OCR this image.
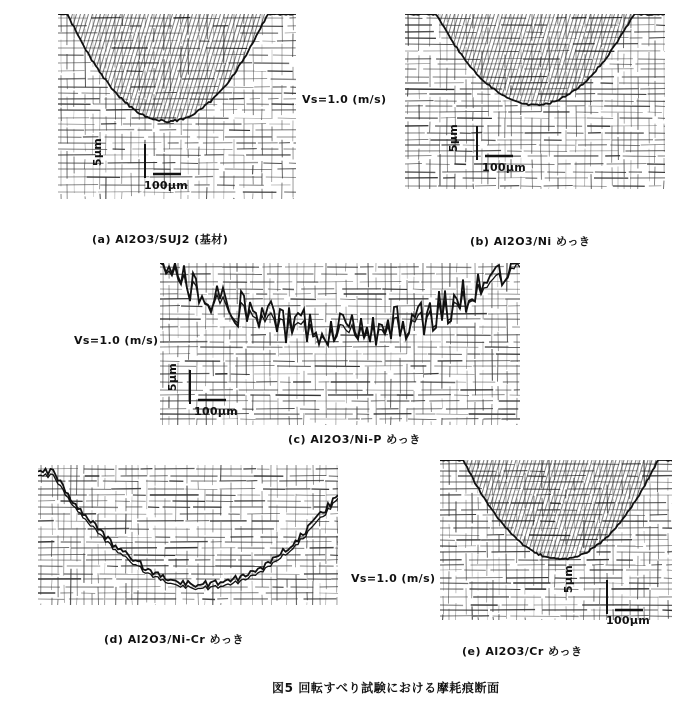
5μm
100μm
(a) Al2O3/SUJ2 (基材)
Vs=1.0 (m/s)
5μm
100μm
(b) Al2O3/Ni めっき
5μm
100μm
Vs=1.0 (m/s)
(c) Al2O3/Ni-P めっき
(d) Al2O3/Ni-Cr めっき
Vs=1.0 (m/s)	5μm
100μm
(e) Al2O3/Cr めっき
図5 回転すべり試験における摩耗痕断面
